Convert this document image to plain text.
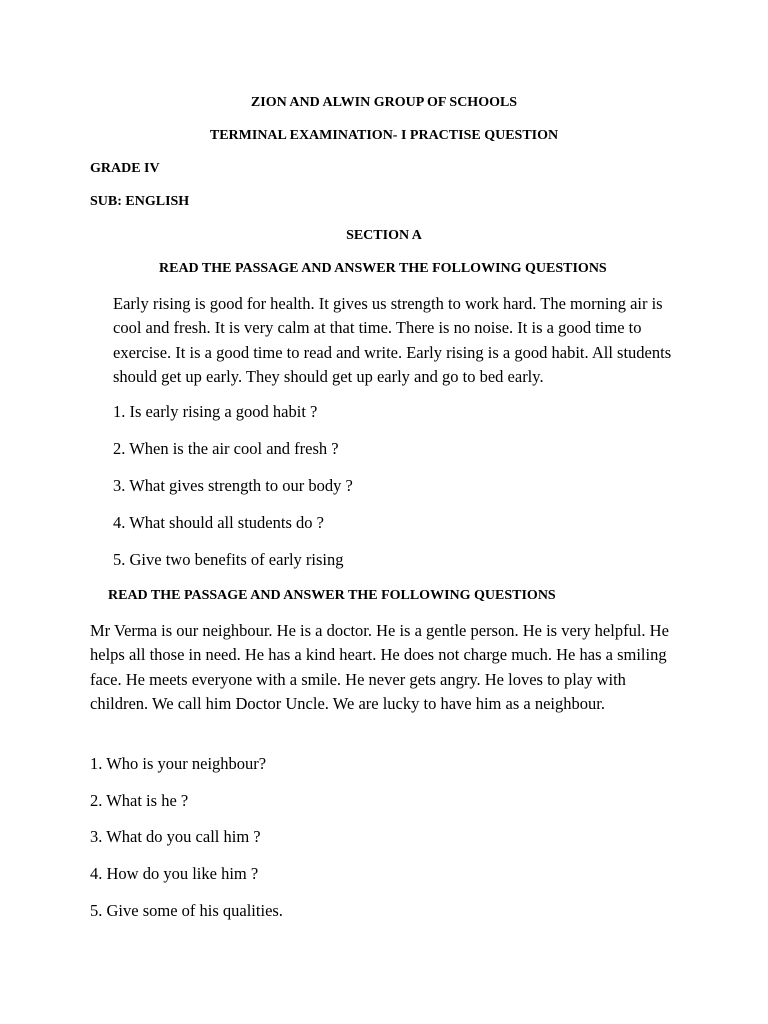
ZION AND ALWIN GROUP OF SCHOOLS
TERMINAL EXAMINATION- I PRACTISE QUESTION
GRADE IV
SUB: ENGLISH
SECTION A
READ THE PASSAGE AND ANSWER THE FOLLOWING QUESTIONS

Early rising is good for health. It gives us strength to work hard. The morning air is cool and fresh. It is very calm at that time. There is no noise. It is a good time to exercise. It is a good time to read and write. Early rising is a good habit. All students should get up early. They should get up early and go to bed early.

1. Is early rising a good habit ?

2. When is the air cool and fresh ?

3. What gives strength to our body ?

4. What should all students do ?

5. Give two benefits of early rising

READ THE PASSAGE AND ANSWER THE FOLLOWING QUESTIONS

Mr Verma is our neighbour. He is a doctor. He is a gentle person. He is very helpful. He helps all those in need. He has a kind heart. He does not charge much. He has a smiling face. He meets everyone with a smile. He never gets angry. He loves to play with children. We call him Doctor Uncle. We are lucky to have him as a neighbour.

1. Who is your neighbour?

2. What is he ?

3. What do you call him ?

4. How do you like him ?

5. Give some of his qualities.
